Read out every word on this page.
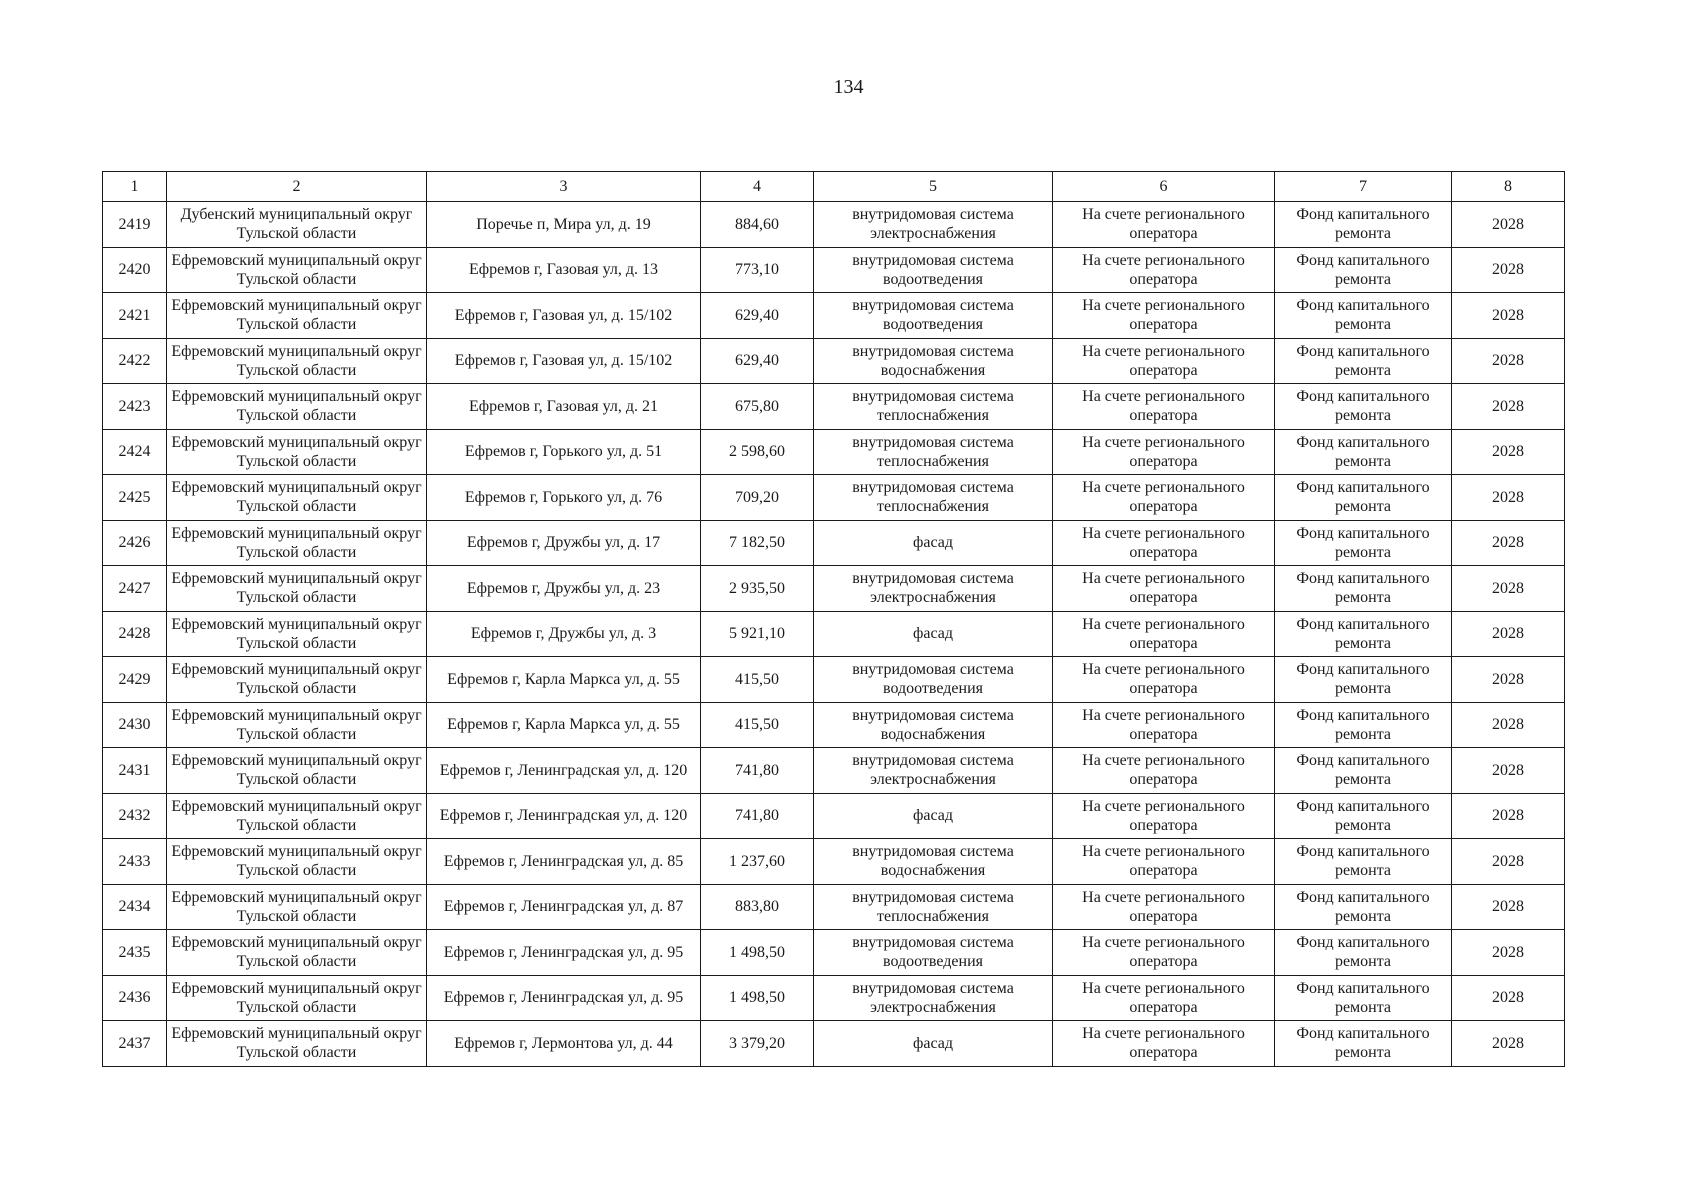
134
1	2	3	4	5	6	7	8
2419	Дубенский муниципальный округ Тульской области	Поречье п, Мира ул, д. 19	884,60	внутридомовая система электроснабжения	На счете регионального оператора	Фонд капитального ремонта	2028
2420	Ефремовский муниципальный округ Тульской области	Ефремов г, Газовая ул, д. 13	773,10	внутридомовая система водоотведения	На счете регионального оператора	Фонд капитального ремонта	2028
2421	Ефремовский муниципальный округ Тульской области	Ефремов г, Газовая ул, д. 15/102	629,40	внутридомовая система водоотведения	На счете регионального оператора	Фонд капитального ремонта	2028
2422	Ефремовский муниципальный округ Тульской области	Ефремов г, Газовая ул, д. 15/102	629,40	внутридомовая система водоснабжения	На счете регионального оператора	Фонд капитального ремонта	2028
2423	Ефремовский муниципальный округ Тульской области	Ефремов г, Газовая ул, д. 21	675,80	внутридомовая система теплоснабжения	На счете регионального оператора	Фонд капитального ремонта	2028
2424	Ефремовский муниципальный округ Тульской области	Ефремов г, Горького ул, д. 51	2 598,60	внутридомовая система теплоснабжения	На счете регионального оператора	Фонд капитального ремонта	2028
2425	Ефремовский муниципальный округ Тульской области	Ефремов г, Горького ул, д. 76	709,20	внутридомовая система теплоснабжения	На счете регионального оператора	Фонд капитального ремонта	2028
2426	Ефремовский муниципальный округ Тульской области	Ефремов г, Дружбы ул, д. 17	7 182,50	фасад	На счете регионального оператора	Фонд капитального ремонта	2028
2427	Ефремовский муниципальный округ Тульской области	Ефремов г, Дружбы ул, д. 23	2 935,50	внутридомовая система электроснабжения	На счете регионального оператора	Фонд капитального ремонта	2028
2428	Ефремовский муниципальный округ Тульской области	Ефремов г, Дружбы ул, д. 3	5 921,10	фасад	На счете регионального оператора	Фонд капитального ремонта	2028
2429	Ефремовский муниципальный округ Тульской области	Ефремов г, Карла Маркса ул, д. 55	415,50	внутридомовая система водоотведения	На счете регионального оператора	Фонд капитального ремонта	2028
2430	Ефремовский муниципальный округ Тульской области	Ефремов г, Карла Маркса ул, д. 55	415,50	внутридомовая система водоснабжения	На счете регионального оператора	Фонд капитального ремонта	2028
2431	Ефремовский муниципальный округ Тульской области	Ефремов г, Ленинградская ул, д. 120	741,80	внутридомовая система электроснабжения	На счете регионального оператора	Фонд капитального ремонта	2028
2432	Ефремовский муниципальный округ Тульской области	Ефремов г, Ленинградская ул, д. 120	741,80	фасад	На счете регионального оператора	Фонд капитального ремонта	2028
2433	Ефремовский муниципальный округ Тульской области	Ефремов г, Ленинградская ул, д. 85	1 237,60	внутридомовая система водоснабжения	На счете регионального оператора	Фонд капитального ремонта	2028
2434	Ефремовский муниципальный округ Тульской области	Ефремов г, Ленинградская ул, д. 87	883,80	внутридомовая система теплоснабжения	На счете регионального оператора	Фонд капитального ремонта	2028
2435	Ефремовский муниципальный округ Тульской области	Ефремов г, Ленинградская ул, д. 95	1 498,50	внутридомовая система водоотведения	На счете регионального оператора	Фонд капитального ремонта	2028
2436	Ефремовский муниципальный округ Тульской области	Ефремов г, Ленинградская ул, д. 95	1 498,50	внутридомовая система электроснабжения	На счете регионального оператора	Фонд капитального ремонта	2028
2437	Ефремовский муниципальный округ Тульской области	Ефремов г, Лермонтова ул, д. 44	3 379,20	фасад	На счете регионального оператора	Фонд капитального ремонта	2028
